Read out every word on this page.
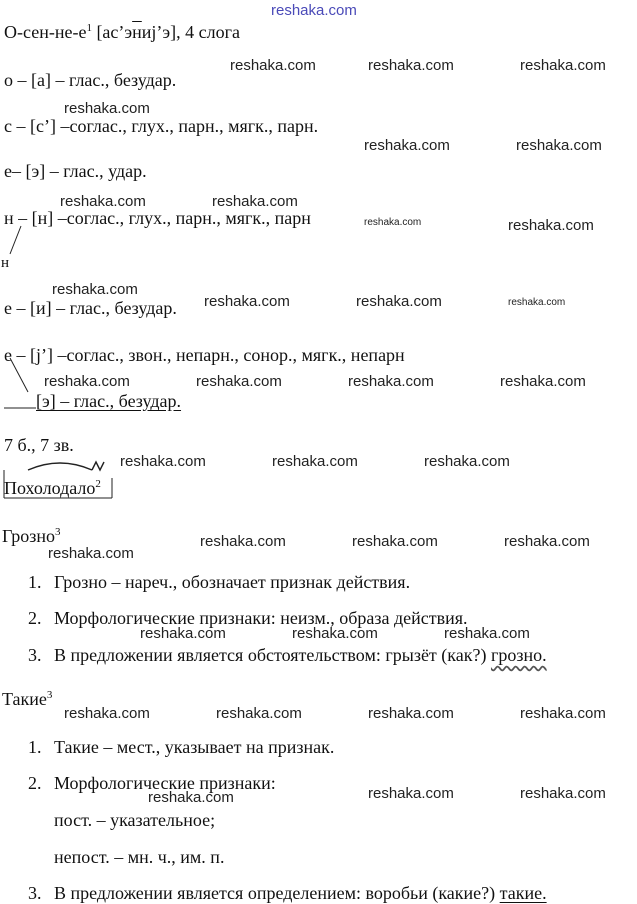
reshaka.com
$О-сен-не-е^1$ [ас’эниj’э], 4 слога
о – [а] – глас., безудар.
с – [с’] –соглас., глух., парн., мягк., парн.
е– [э] – глас., удар.
н – [н] –соглас., глух., парн., мягк., парн
н
е – [и] – глас., безудар.
е – [j’] –соглас., звон., непарн., сонор., мягк., непарн
[э] – глас., безудар.
7 б., 7 зв.
Похолодало$^2$
Грозно$^3$
1. Грозно – нареч., обозначает признак действия.
2. Морфологические признаки: неизм., образа действия.
3. В предложении является обстоятельством: грызёт (как?) грозно.
Такие$^3$
1. Такие – мест., указывает на признак.
2. Морфологические признаки:
пост. – указательное;
непост. – мн. ч., им. п.
3. В предложении является определением: воробьи (какие?) такие.
reshaka.com	reshaka.com	reshaka.com
reshaka.com
reshaka.com	reshaka.com
reshaka.com	reshaka.com
reshaka.com	reshaka.com
reshaka.com
reshaka.com	reshaka.com	reshaka.com
reshaka.com	reshaka.com	reshaka.com	reshaka.com
reshaka.com	reshaka.com	reshaka.com
reshaka.com
reshaka.com	reshaka.com	reshaka.com
reshaka.com	reshaka.com	reshaka.com
reshaka.com	reshaka.com	reshaka.com	reshaka.com
reshaka.com	reshaka.com	reshaka.com
